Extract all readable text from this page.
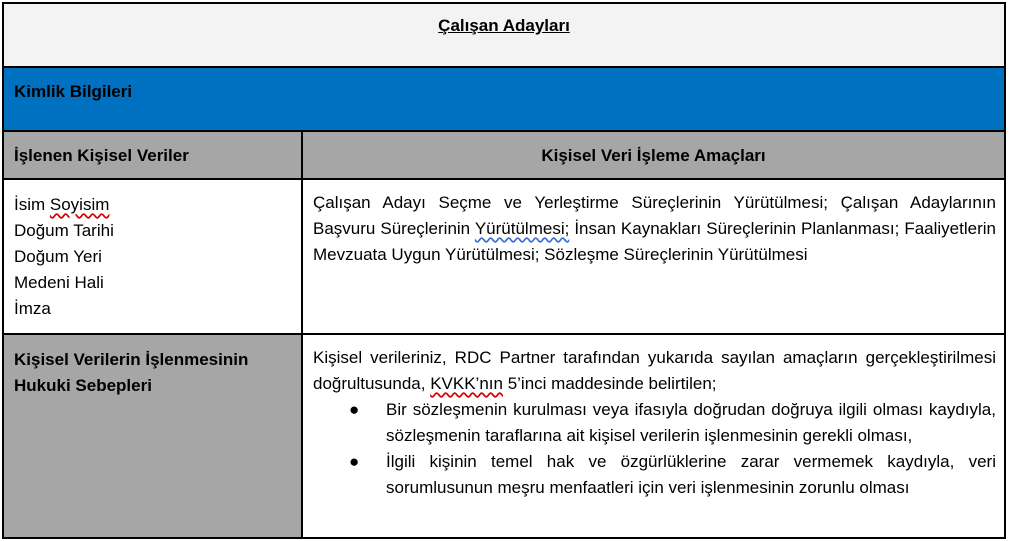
Çalışan Adayları
Kimlik Bilgileri
İşlenen Kişisel Veriler	Kişisel Veri İşleme Amaçları
İsim Soyisim
Doğum Tarihi
Doğum Yeri
Medeni Hali
İmza

Çalışan Adayı Seçme ve Yerleştirme Süreçlerinin Yürütülmesi; Çalışan Adaylarının Başvuru Süreçlerinin Yürütülmesi; İnsan Kaynakları Süreçlerinin Planlanması; Faaliyetlerin Mevzuata Uygun Yürütülmesi; Sözleşme Süreçlerinin Yürütülmesi

Kişisel Verilerin İşlenmesinin Hukuki Sebepleri

Kişisel verileriniz, RDC Partner tarafından yukarıda sayılan amaçların gerçekleştirilmesi doğrultusunda, KVKK’nın 5’inci maddesinde belirtilen;

● Bir sözleşmenin kurulması veya ifasıyla doğrudan doğruya ilgili olması kaydıyla, sözleşmenin taraflarına ait kişisel verilerin işlenmesinin gerekli olması,
● İlgili kişinin temel hak ve özgürlüklerine zarar vermemek kaydıyla, veri sorumlusunun meşru menfaatleri için veri işlenmesinin zorunlu olması
